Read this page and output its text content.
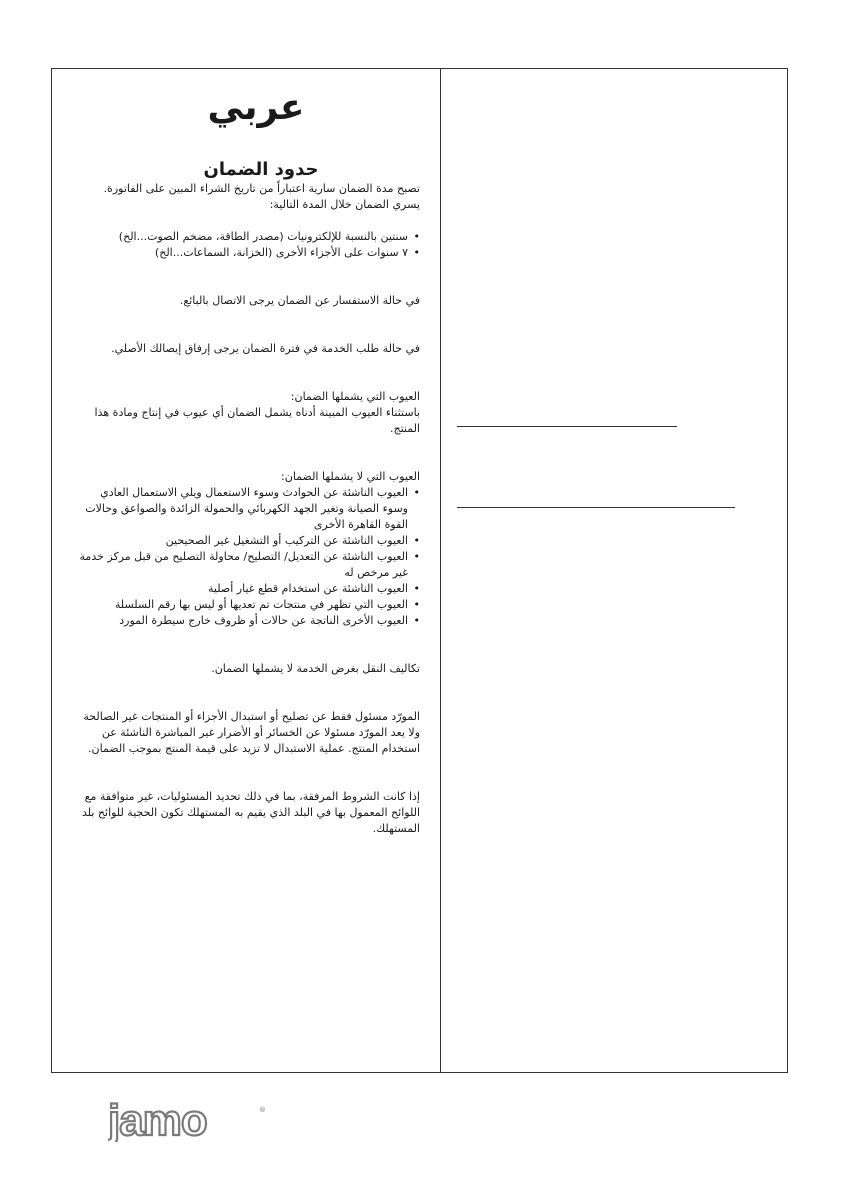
عربي
حدود الضمان

تصبح مدة الضمان سارية اعتباراً من تاريخ الشراء المبين على الفاتورة.

يسري الضمان خلال المدة التالية:

• سنتين بالنسبة للإلكترونيات (مصدر الطاقة، مضخم الصوت...الخ)
• ٧ سنوات على الأجزاء الأخرى (الخزانة، السماعات...الخ)

في حالة الاستفسار عن الضمان يرجى الاتصال بالبائع.

في حالة طلب الخدمة في فترة الضمان يرجى إرفاق إيصالك الأصلي.

العيوب التي يشملها الضمان:

باستثناء العيوب المبينة أدناه يشمل الضمان أي عيوب في إنتاج ومادة هذا المنتج.

العيوب التي لا يشملها الضمان:

• العيوب الناشئة عن الحوادث وسوء الاستعمال ويلي الاستعمال العادي وسوء الصيانة وتغير الجهد الكهربائي والحمولة الزائدة والصواعق وحالات القوة القاهرة الأخرى
• العيوب الناشئة عن التركيب أو التشغيل غير الصحيحين
• العيوب الناشئة عن التعديل/ التصليح/ محاولة التصليح من قبل مركز خدمة غير مرخص له
• العيوب الناشئة عن استخدام قطع غيار أصلية
• العيوب التي تظهر في منتجات تم تعديها أو ليس بها رقم السلسلة
• العيوب الأخرى الناتجة عن حالات أو ظروف خارج سيطرة المورد

تكاليف النقل بغرض الخدمة لا يشملها الضمان.

المورّد مسئول فقط عن تصليح أو استبدال الأجزاء أو المنتجات غير الصالحة ولا يعد المورّد مسئولا عن الخسائر أو الأضرار غير المباشرة الناشئة عن استخدام المنتج. عملية الاستبدال لا تزيد على قيمة المنتج بموجب الضمان.

إذا كانت الشروط المرفقة، بما في ذلك تحديد المسئوليات، غير متوافقة مع اللوائح المعمول بها في البلد الذي يقيم به المستهلك تكون الحجية للوائح بلد المستهلك.

jamo	®
